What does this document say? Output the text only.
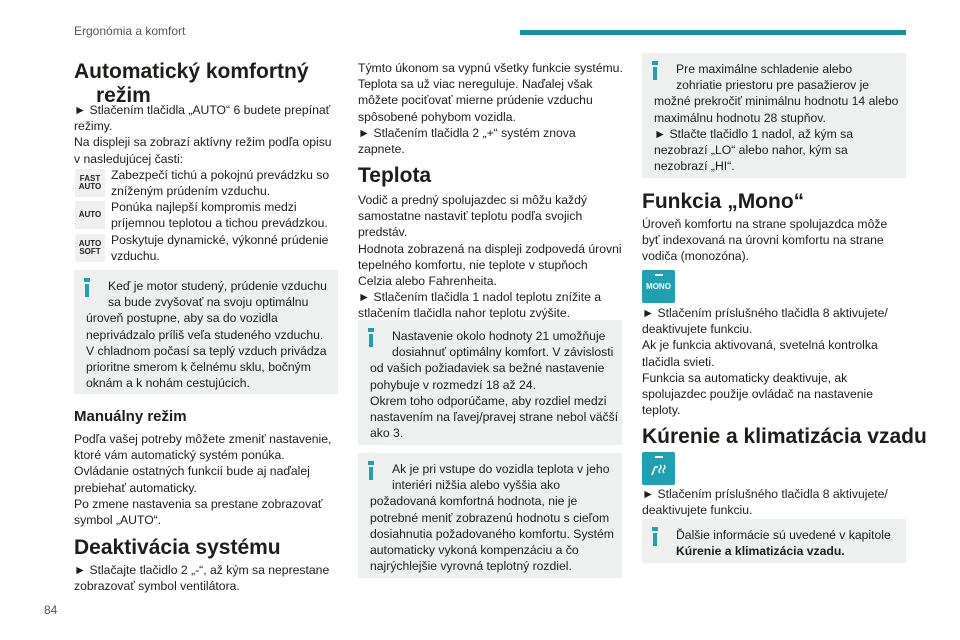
Ergonómia a komfort
Automatický komfortný
režim
► Stlačením tlačidla „AUTO“ 6 budete prepínať
režimy.
Na displeji sa zobrazí aktívny režim podľa opisu
v nasledujúcej časti:
FAST
AUTO
Zabezpečí tichú a pokojnú prevádzku so
zníženým prúdením vzduchu.
AUTO
Ponúka najlepší kompromis medzi
príjemnou teplotou a tichou prevádzkou.
AUTO
SOFT
Poskytuje dynamické, výkonné prúdenie
vzduchu.
Keď je motor studený, prúdenie vzduchu
sa bude zvyšovať na svoju optimálnu
úroveň postupne, aby sa do vozidla
neprivádzalo príliš veľa studeného vzduchu.
V chladnom počasí sa teplý vzduch privádza
prioritne smerom k čelnému sklu, bočným
oknám a k nohám cestujúcich.
Manuálny režim
Podľa vašej potreby môžete zmeniť nastavenie,
ktoré vám automatický systém ponúka.
Ovládanie ostatných funkcií bude aj naďalej
prebiehať automaticky.
Po zmene nastavenia sa prestane zobrazovať
symbol „AUTO“.
Deaktivácia systému
► Stlačajte tlačidlo 2 „-“, až kým sa neprestane
zobrazovať symbol ventilátora.
Týmto úkonom sa vypnú všetky funkcie systému.
Teplota sa už viac nereguluje. Naďalej však
môžete pociťovať mierne prúdenie vzduchu
spôsobené pohybom vozidla.
► Stlačením tlačidla 2 „+“ systém znova
zapnete.
Teplota
Vodič a predný spolujazdec si môžu každý
samostatne nastaviť teplotu podľa svojich
predstáv.
Hodnota zobrazená na displeji zodpovedá úrovni
tepelného komfortu, nie teplote v stupňoch
Celzia alebo Fahrenheita.
► Stlačením tlačidla 1 nadol teplotu znížite a
stlačením tlačidla nahor teplotu zvýšite.
Nastavenie okolo hodnoty 21 umožňuje
dosiahnuť optimálny komfort. V závislosti
od vašich požiadaviek sa bežné nastavenie
pohybuje v rozmedzí 18 až 24.
Okrem toho odporúčame, aby rozdiel medzi
nastavením na ľavej/pravej strane nebol väčší
ako 3.
Ak je pri vstupe do vozidla teplota v jeho
interiéri nižšia alebo vyššia ako
požadovaná komfortná hodnota, nie je
potrebné meniť zobrazenú hodnotu s cieľom
dosiahnutia požadovaného komfortu. Systém
automaticky vykoná kompenzáciu a čo
najrýchlejšie vyrovná teplotný rozdiel.
Pre maximálne schladenie alebo
zohriatie priestoru pre pasažierov je
možné prekročiť minimálnu hodnotu 14 alebo
maximálnu hodnotu 28 stupňov.
► Stlačte tlačidlo 1 nadol, až kým sa
nezobrazí „LO“ alebo nahor, kým sa
nezobrazí „HI“.
Funkcia „Mono“
Úroveň komfortu na strane spolujazdca môže
byť indexovaná na úrovni komfortu na strane
vodiča (monozóna).
MONO
► Stlačením príslušného tlačidla 8 aktivujete/
deaktivujete funkciu.
Ak je funkcia aktivovaná, svetelná kontrolka
tlačidla svieti.
Funkcia sa automaticky deaktivuje, ak
spolujazdec použije ovládač na nastavenie
teploty.
Kúrenie a klimatizácia vzadu
► Stlačením príslušného tlačidla 8 aktivujete/
deaktivujete funkciu.
Ďalšie informácie sú uvedené v kapitole
Kúrenie a klimatizácia vzadu.
84
